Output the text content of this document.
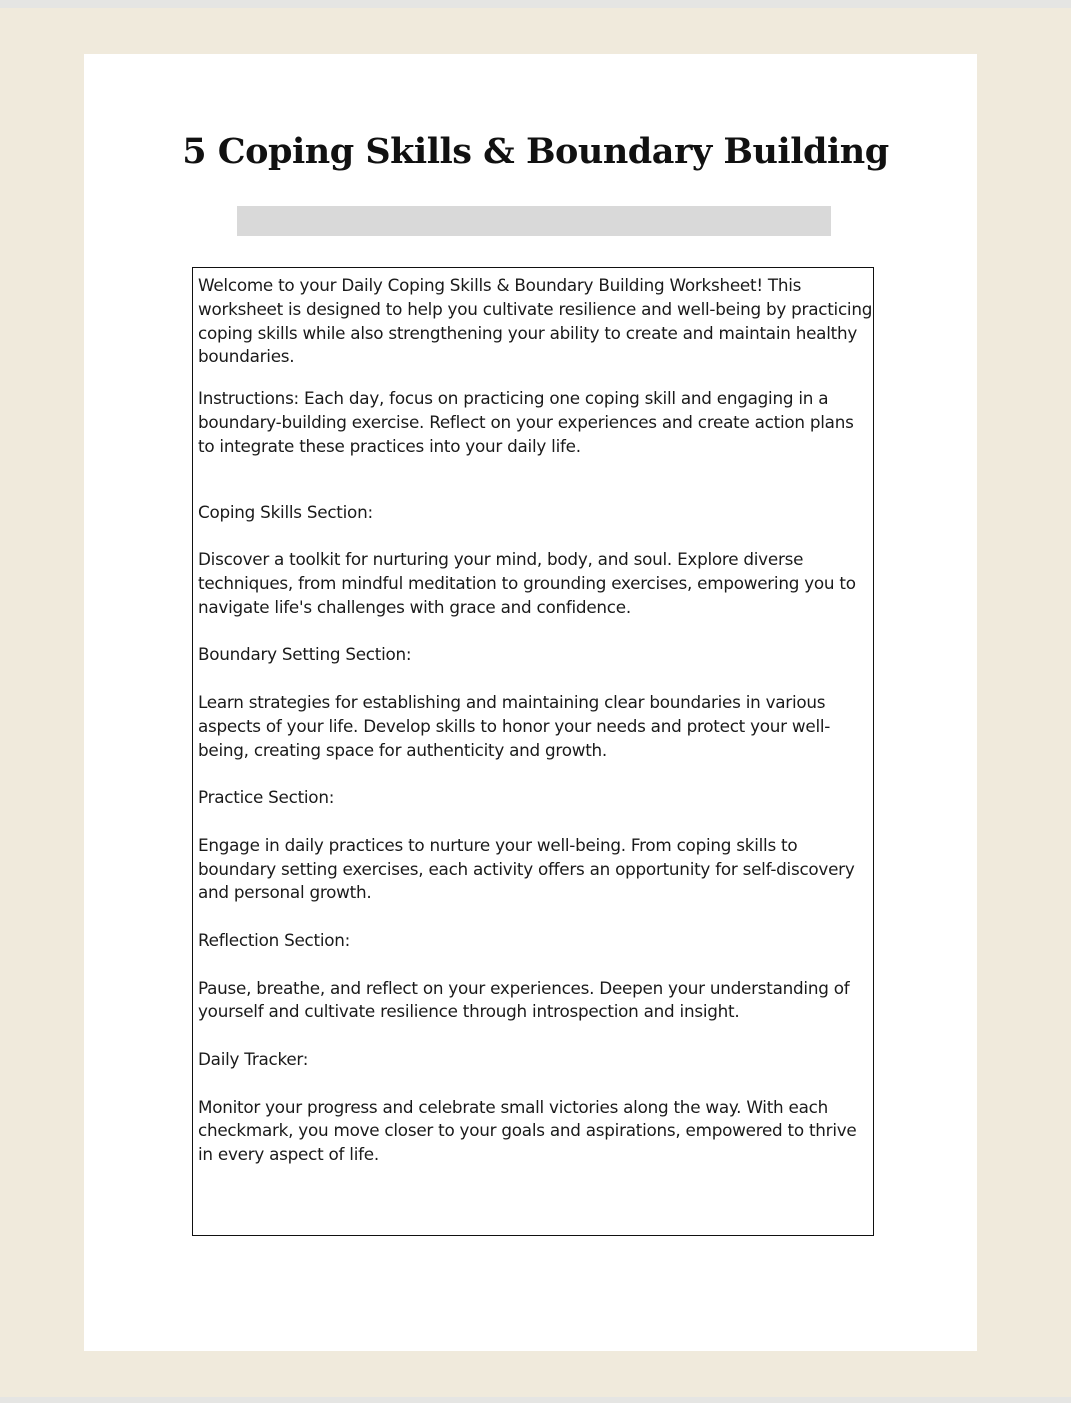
5 Coping Skills & Boundary Building

Welcome to your Daily Coping Skills & Boundary Building Worksheet! This worksheet is designed to help you cultivate resilience and well-being by practicing coping skills while also strengthening your ability to create and maintain healthy boundaries.

Instructions: Each day, focus on practicing one coping skill and engaging in a boundary-building exercise. Reflect on your experiences and create action plans to integrate these practices into your daily life.

Coping Skills Section:

Discover a toolkit for nurturing your mind, body, and soul. Explore diverse techniques, from mindful meditation to grounding exercises, empowering you to navigate life's challenges with grace and confidence.

Boundary Setting Section:

Learn strategies for establishing and maintaining clear boundaries in various aspects of your life. Develop skills to honor your needs and protect your well-being, creating space for authenticity and growth.

Practice Section:

Engage in daily practices to nurture your well-being. From coping skills to boundary setting exercises, each activity offers an opportunity for self-discovery and personal growth.

Reflection Section:

Pause, breathe, and reflect on your experiences. Deepen your understanding of yourself and cultivate resilience through introspection and insight.

Daily Tracker:

Monitor your progress and celebrate small victories along the way. With each checkmark, you move closer to your goals and aspirations, empowered to thrive in every aspect of life.
